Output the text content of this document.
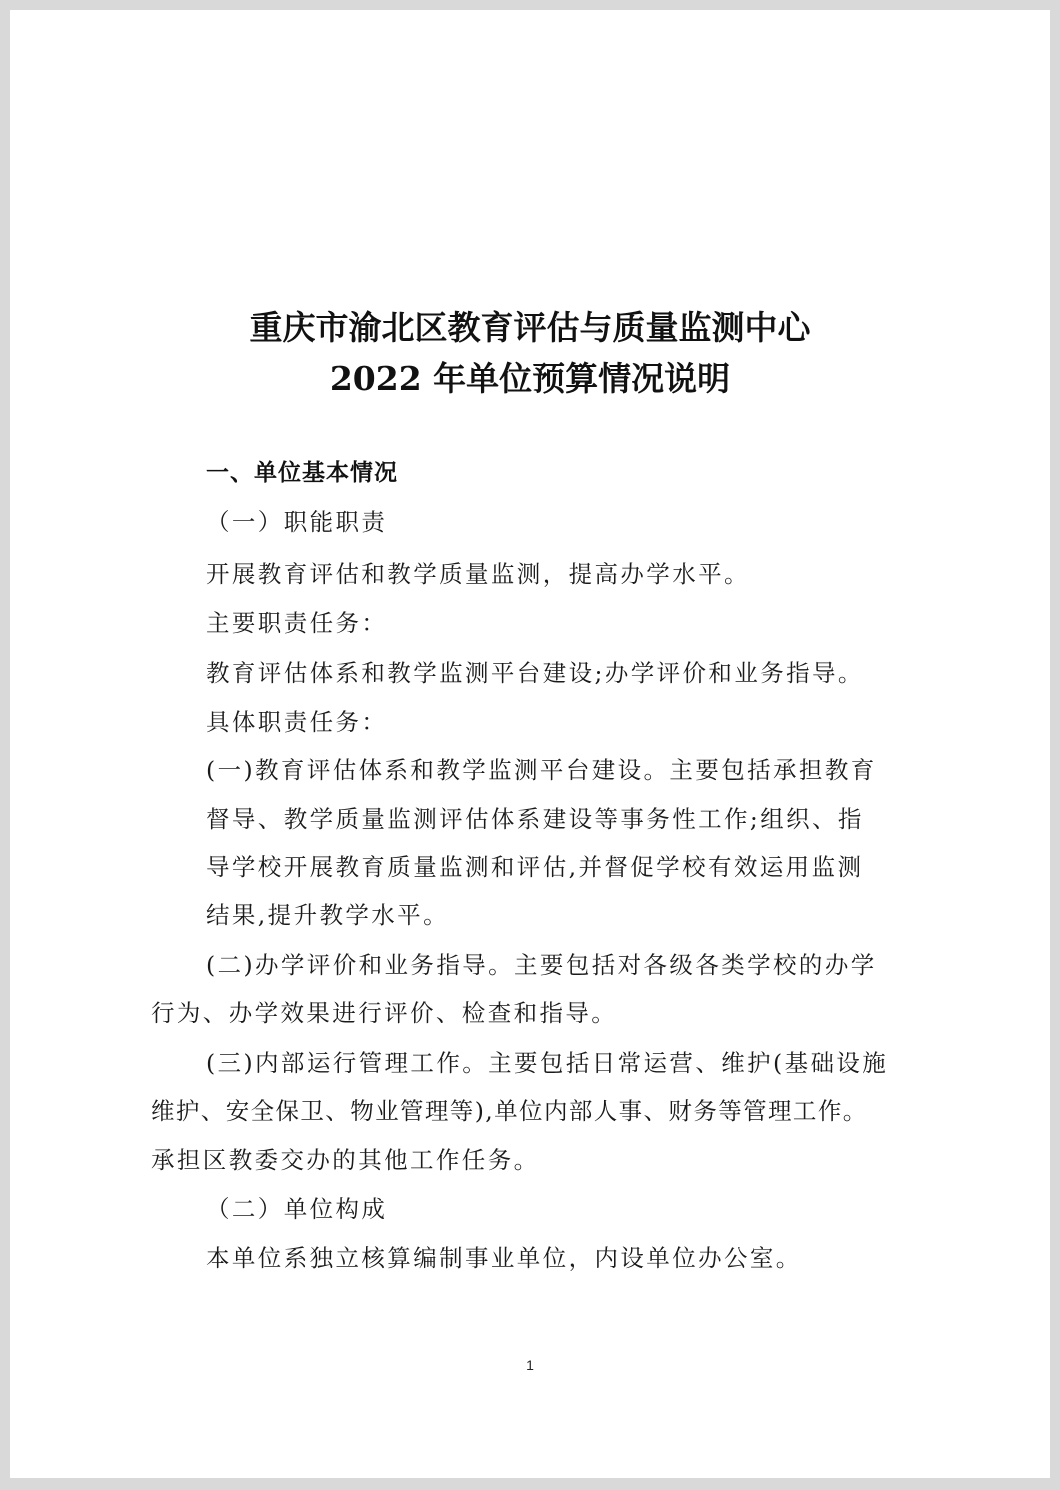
重庆市渝北区教育评估与质量监测中心
2022 年单位预算情况说明
一、单位基本情况
（一）职能职责
开展教育评估和教学质量监测，提高办学水平。
主要职责任务：
教育评估体系和教学监测平台建设;办学评价和业务指导。
具体职责任务：
(一)教育评估体系和教学监测平台建设。主要包括承担教育
督导、教学质量监测评估体系建设等事务性工作;组织、指
导学校开展教育质量监测和评估,并督促学校有效运用监测
结果,提升教学水平。
(二)办学评价和业务指导。主要包括对各级各类学校的办学
行为、办学效果进行评价、检查和指导。
(三)内部运行管理工作。主要包括日常运营、维护(基础设施
维护、安全保卫、物业管理等),单位内部人事、财务等管理工作。
承担区教委交办的其他工作任务。
（二）单位构成
本单位系独立核算编制事业单位，内设单位办公室。
1
